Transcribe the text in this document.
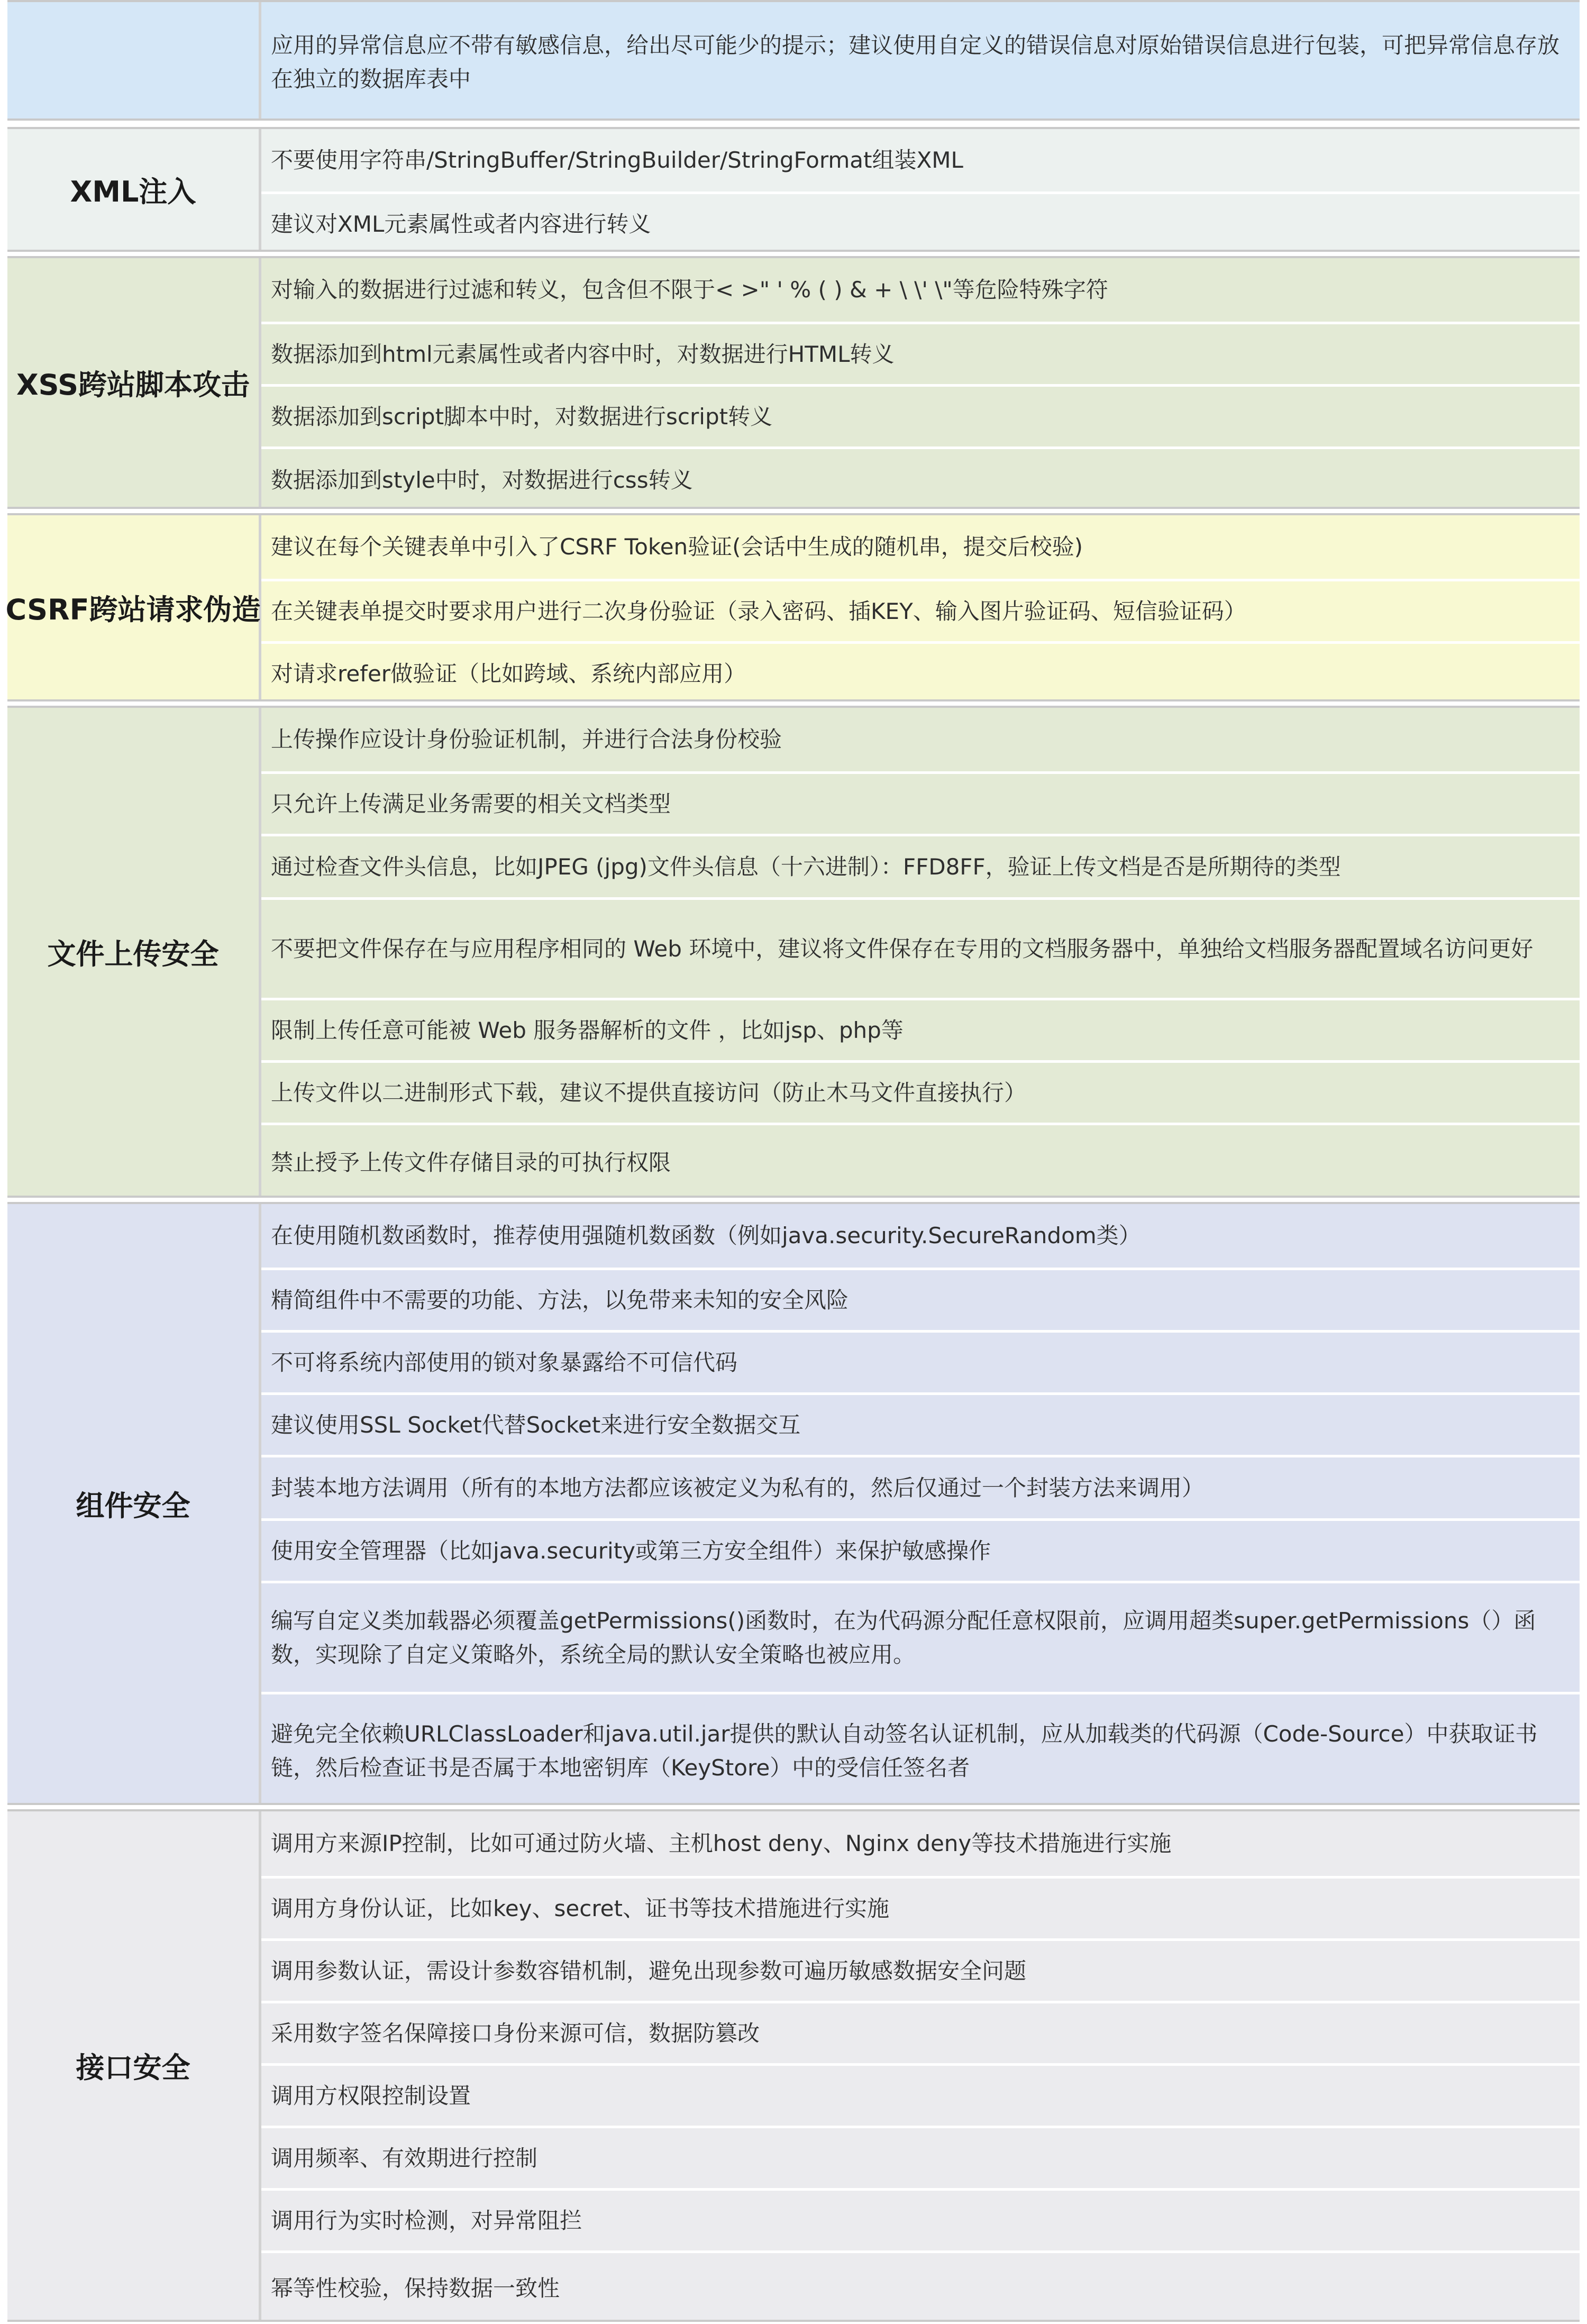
应用的异常信息应不带有敏感信息，给出尽可能少的提示；建议使用自定义的错误信息对原始错误信息进行包装，可把异常信息存放在独立的数据库表中
XML注入
不要使用字符串/StringBuffer/StringBuilder/StringFormat组装XML
建议对XML元素属性或者内容进行转义
XSS跨站脚本攻击
对输入的数据进行过滤和转义，包含但不限于< >" ' % ( ) & + \ \' \"等危险特殊字符
数据添加到html元素属性或者内容中时，对数据进行HTML转义
数据添加到script脚本中时，对数据进行script转义
数据添加到style中时，对数据进行css转义
CSRF跨站请求伪造
建议在每个关键表单中引入了CSRF Token验证(会话中生成的随机串，提交后校验)
在关键表单提交时要求用户进行二次身份验证（录入密码、插KEY、输入图片验证码、短信验证码）
对请求refer做验证（比如跨域、系统内部应用）
文件上传安全
上传操作应设计身份验证机制，并进行合法身份校验
只允许上传满足业务需要的相关文档类型
通过检查文件头信息，比如JPEG (jpg)文件头信息（十六进制）：FFD8FF，验证上传文档是否是所期待的类型
不要把文件保存在与应用程序相同的 Web 环境中，建议将文件保存在专用的文档服务器中，单独给文档服务器配置域名访问更好
限制上传任意可能被 Web 服务器解析的文件 ，比如jsp、php等
上传文件以二进制形式下载，建议不提供直接访问（防止木马文件直接执行）
禁止授予上传文件存储目录的可执行权限
组件安全
在使用随机数函数时，推荐使用强随机数函数（例如java.security.SecureRandom类）
精简组件中不需要的功能、方法，以免带来未知的安全风险
不可将系统内部使用的锁对象暴露给不可信代码
建议使用SSL Socket代替Socket来进行安全数据交互
封装本地方法调用（所有的本地方法都应该被定义为私有的，然后仅通过一个封装方法来调用）
使用安全管理器（比如java.security或第三方安全组件）来保护敏感操作
编写自定义类加载器必须覆盖getPermissions()函数时，在为代码源分配任意权限前，应调用超类super.getPermissions（）函数，实现除了自定义策略外，系统全局的默认安全策略也被应用。
避免完全依赖URLClassLoader和java.util.jar提供的默认自动签名认证机制，应从加载类的代码源（Code-Source）中获取证书链，然后检查证书是否属于本地密钥库（KeyStore）中的受信任签名者
接口安全
调用方来源IP控制，比如可通过防火墙、主机host deny、Nginx deny等技术措施进行实施
调用方身份认证，比如key、secret、证书等技术措施进行实施
调用参数认证，需设计参数容错机制，避免出现参数可遍历敏感数据安全问题
采用数字签名保障接口身份来源可信，数据防篡改
调用方权限控制设置
调用频率、有效期进行控制
调用行为实时检测，对异常阻拦
幂等性校验，保持数据一致性
